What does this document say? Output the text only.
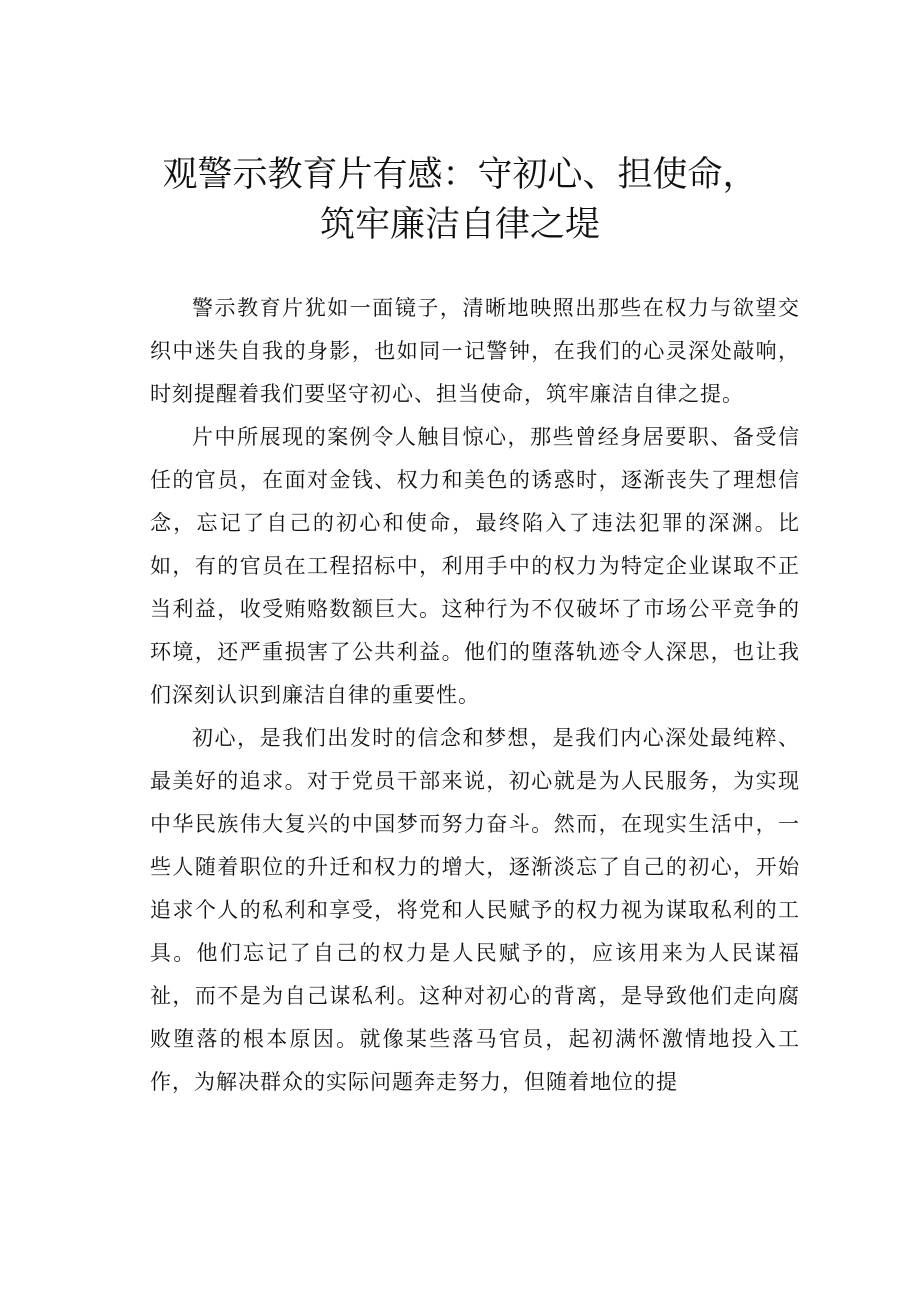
观警示教育片有感：守初心、担使命，
筑牢廉洁自律之堤

警示教育片犹如一面镜子，清晰地映照出那些在权力与欲望交织中迷失自我的身影，也如同一记警钟，在我们的心灵深处敲响，时刻提醒着我们要坚守初心、担当使命，筑牢廉洁自律之提。

片中所展现的案例令人触目惊心，那些曾经身居要职、备受信任的官员，在面对金钱、权力和美色的诱惑时，逐渐丧失了理想信念，忘记了自己的初心和使命，最终陷入了违法犯罪的深渊。比如，有的官员在工程招标中，利用手中的权力为特定企业谋取不正当利益，收受贿赂数额巨大。这种行为不仅破坏了市场公平竞争的环境，还严重损害了公共利益。他们的堕落轨迹令人深思，也让我们深刻认识到廉洁自律的重要性。

初心，是我们出发时的信念和梦想，是我们内心深处最纯粹、最美好的追求。对于党员干部来说，初心就是为人民服务，为实现中华民族伟大复兴的中国梦而努力奋斗。然而，在现实生活中，一些人随着职位的升迁和权力的增大，逐渐淡忘了自己的初心，开始追求个人的私利和享受，将党和人民赋予的权力视为谋取私利的工具。他们忘记了自己的权力是人民赋予的，应该用来为人民谋福祉，而不是为自己谋私利。这种对初心的背离，是导致他们走向腐败堕落的根本原因。就像某些落马官员，起初满怀激情地投入工作，为解决群众的实际问题奔走努力，但随着地位的提
